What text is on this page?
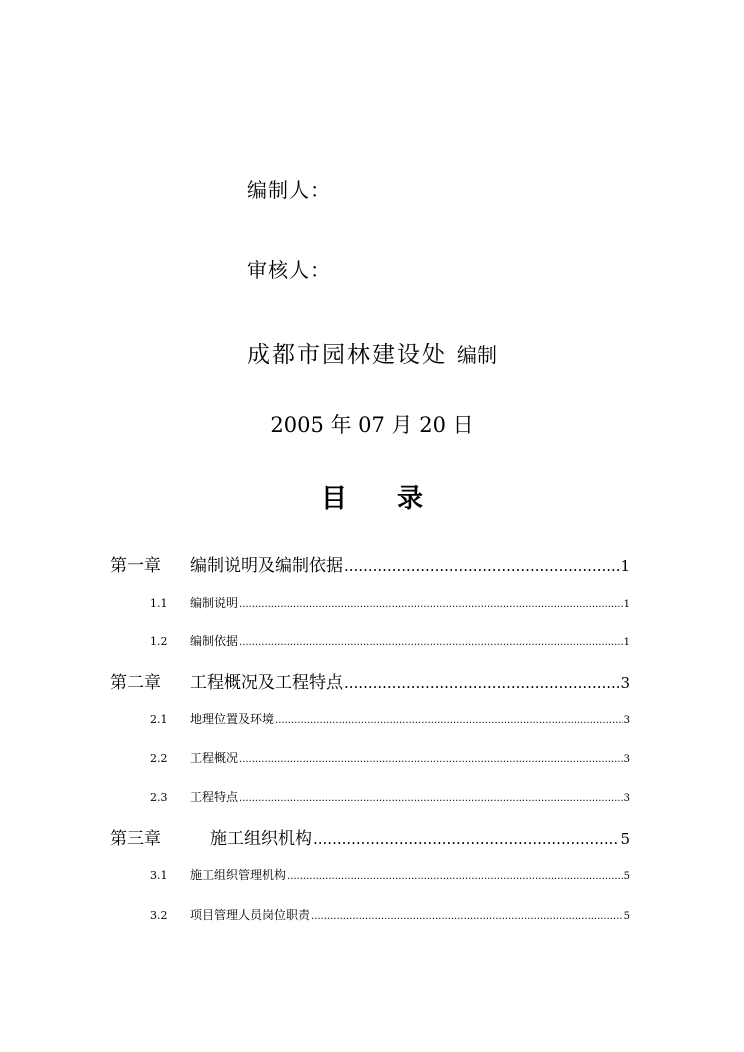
编制人：
审核人：
成都市园林建设处 编制
2005 年 07 月 20 日
目录
第一章	编制说明及编制依据 .....	1
1.1	编制说明 .....	1
1.2	编制依据 .....	1
第二章	工程概况及工程特点 .....	3
2.1	地理位置及环境 .....	3
2.2	工程概况 .....	3
2.3	工程特点 .....	3
第三章	施工组织机构 .....	5
3.1	施工组织管理机构 .....	5
3.2	项目管理人员岗位职责 .....	5
